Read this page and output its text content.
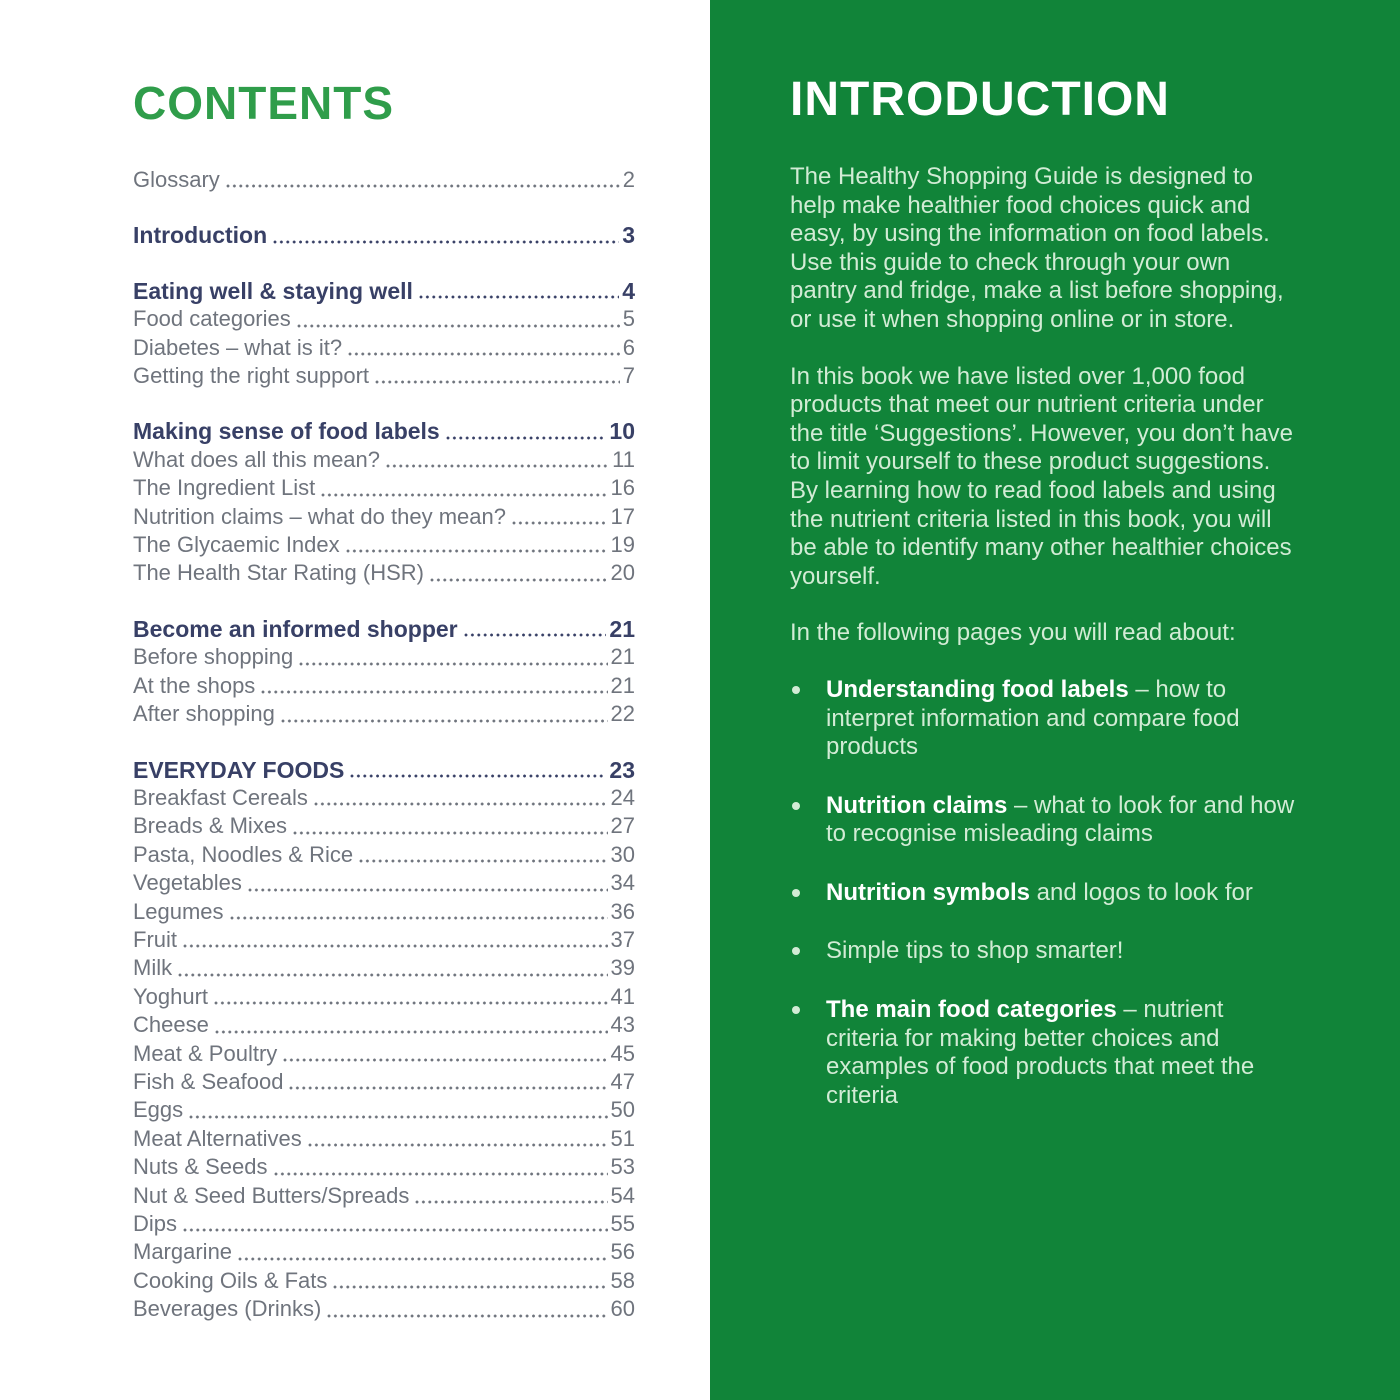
CONTENTS
Glossary	2
Introduction	3
Eating well & staying well	4
Food categories	5
Diabetes – what is it?	6
Getting the right support	7
Making sense of food labels	10
What does all this mean?	11
The Ingredient List	16
Nutrition claims – what do they mean?	17
The Glycaemic Index	19
The Health Star Rating (HSR)	20
Become an informed shopper	21
Before shopping	21
At the shops	21
After shopping	22
EVERYDAY FOODS	23
Breakfast Cereals	24
Breads & Mixes	27
Pasta, Noodles & Rice	30
Vegetables	34
Legumes	36
Fruit	37
Milk	39
Yoghurt	41
Cheese	43
Meat & Poultry	45
Fish & Seafood	47
Eggs	50
Meat Alternatives	51
Nuts & Seeds	53
Nut & Seed Butters/Spreads	54
Dips	55
Margarine	56
Cooking Oils & Fats	58
Beverages (Drinks)	60
INTRODUCTION

The Healthy Shopping Guide is designed to help make healthier food choices quick and easy, by using the information on food labels. Use this guide to check through your own pantry and fridge, make a list before shopping, or use it when shopping online or in store.

In this book we have listed over 1,000 food products that meet our nutrient criteria under the title ‘Suggestions’. However, you don’t have to limit yourself to these product suggestions. By learning how to read food labels and using the nutrient criteria listed in this book, you will be able to identify many other healthier choices yourself.

In the following pages you will read about:

Understanding food labels – how to interpret information and compare food products
Nutrition claims – what to look for and how to recognise misleading claims
Nutrition symbols and logos to look for
Simple tips to shop smarter!
The main food categories – nutrient criteria for making better choices and examples of food products that meet the criteria
